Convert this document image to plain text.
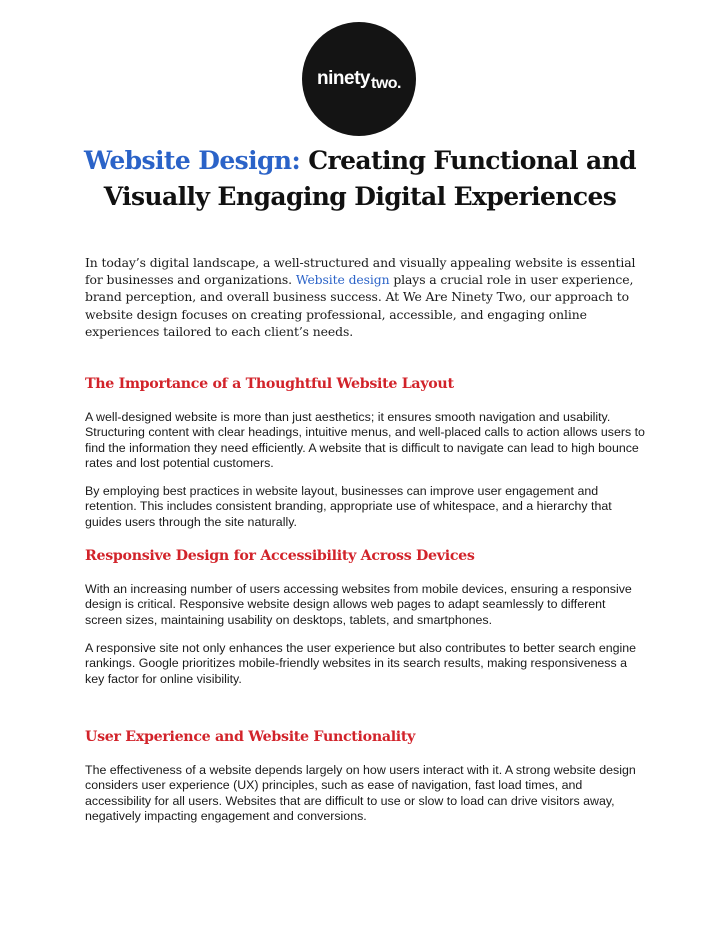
ninety$_{two.}$
Website Design: Creating Functional and
Visually Engaging Digital Experiences

In today’s digital landscape, a well-structured and visually appealing website is essential for businesses and organizations. Website design plays a crucial role in user experience, brand perception, and overall business success. At We Are Ninety Two, our approach to website design focuses on creating professional, accessible, and engaging online experiences tailored to each client’s needs.

The Importance of a Thoughtful Website Layout

A well-designed website is more than just aesthetics; it ensures smooth navigation and usability. Structuring content with clear headings, intuitive menus, and well-placed calls to action allows users to find the information they need efficiently. A website that is difficult to navigate can lead to high bounce rates and lost potential customers.

By employing best practices in website layout, businesses can improve user engagement and retention. This includes consistent branding, appropriate use of whitespace, and a hierarchy that guides users through the site naturally.

Responsive Design for Accessibility Across Devices

With an increasing number of users accessing websites from mobile devices, ensuring a responsive design is critical. Responsive website design allows web pages to adapt seamlessly to different screen sizes, maintaining usability on desktops, tablets, and smartphones.

A responsive site not only enhances the user experience but also contributes to better search engine rankings. Google prioritizes mobile-friendly websites in its search results, making responsiveness a key factor for online visibility.

User Experience and Website Functionality

The effectiveness of a website depends largely on how users interact with it. A strong website design considers user experience (UX) principles, such as ease of navigation, fast load times, and accessibility for all users. Websites that are difficult to use or slow to load can drive visitors away, negatively impacting engagement and conversions.
